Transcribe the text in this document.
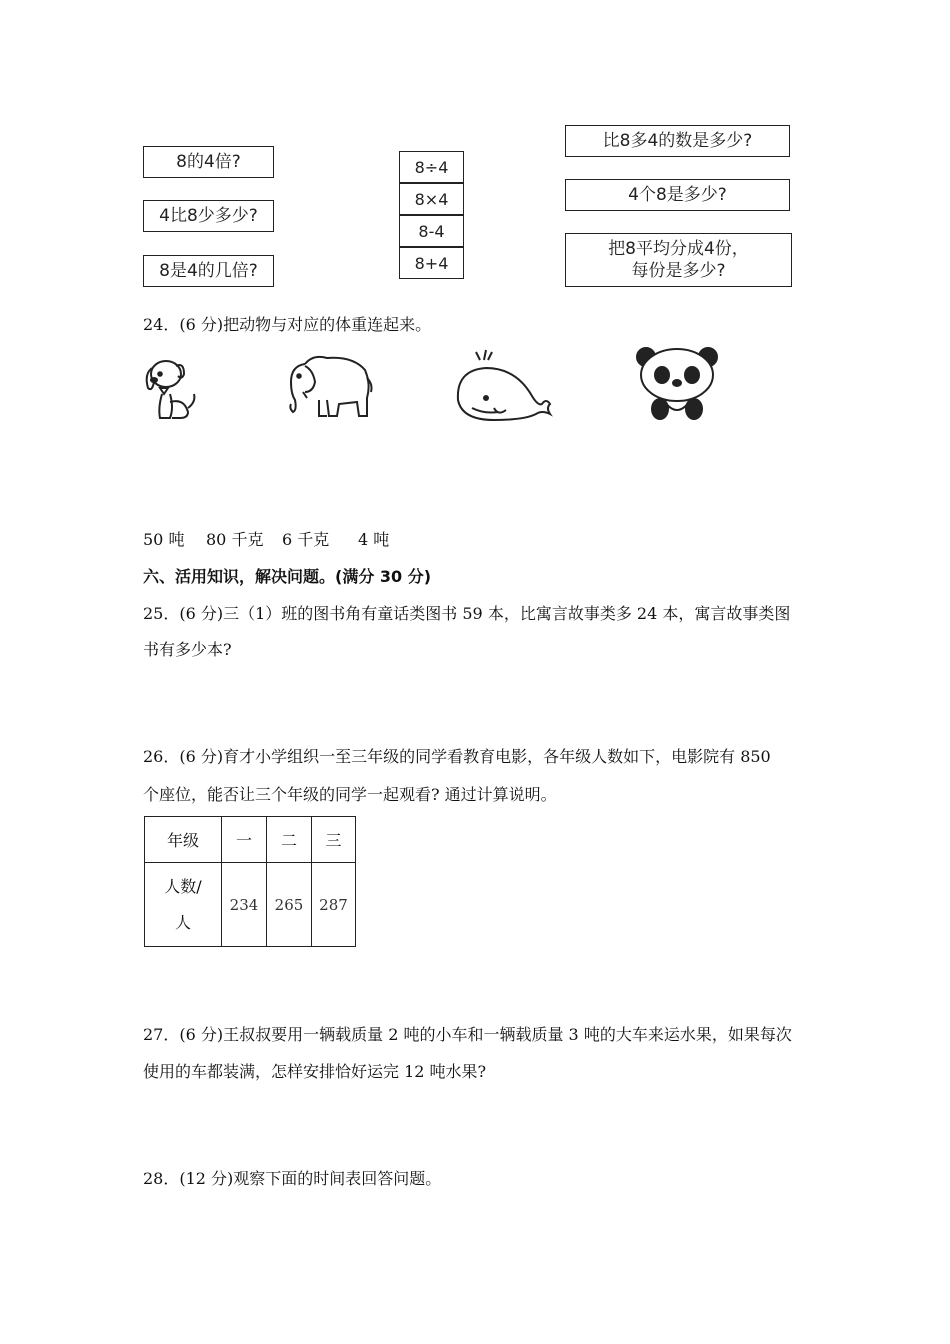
8的4倍?
4比8少多少?
8是4的几倍?
8÷4
8×4
8-4
8+4
比8多4的数是多少?
4个8是多少?
把8平均分成4份，
每份是多少?
24．(6 分)把动物与对应的体重连起来。
50 吨 80 千克 6 千克 4 吨
六、活用知识，解决问题。(满分 30 分)
25．(6 分)三（1）班的图书角有童话类图书 59 本，比寓言故事类多 24 本，寓言故事类图
书有多少本?
26．(6 分)育才小学组织一至三年级的同学看教育电影，各年级人数如下，电影院有 850
个座位，能否让三个年级的同学一起观看? 通过计算说明。
年级	一	二	三
人数/
人	234	265	287
27．(6 分)王叔叔要用一辆载质量 2 吨的小车和一辆载质量 3 吨的大车来运水果，如果每次
使用的车都装满，怎样安排恰好运完 12 吨水果?
28．(12 分)观察下面的时间表回答问题。
